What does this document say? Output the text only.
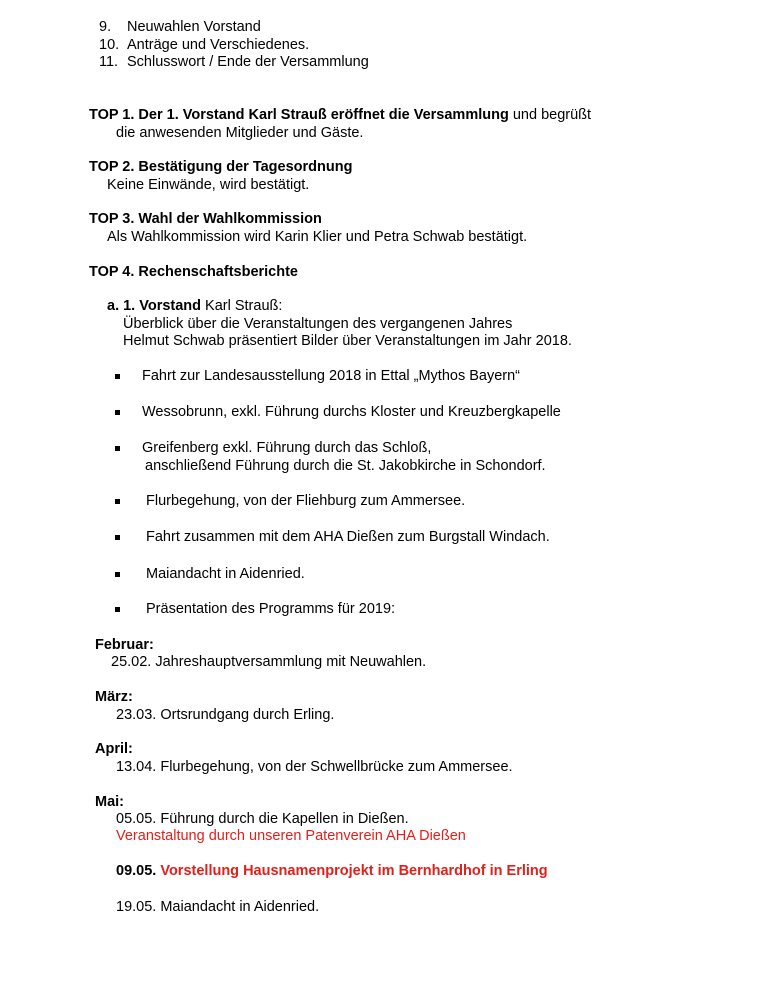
9. Neuwahlen Vorstand
10. Anträge und Verschiedenes.
11. Schlusswort / Ende der Versammlung
TOP 1. Der 1. Vorstand Karl Strauß eröffnet die Versammlung und begrüßt
die anwesenden Mitglieder und Gäste.
TOP 2. Bestätigung der Tagesordnung
Keine Einwände, wird bestätigt.
TOP 3. Wahl der Wahlkommission
Als Wahlkommission wird Karin Klier und Petra Schwab bestätigt.
TOP 4. Rechenschaftsberichte
a. 1. Vorstand Karl Strauß:
Überblick über die Veranstaltungen des vergangenen Jahres
Helmut Schwab präsentiert Bilder über Veranstaltungen im Jahr 2018.
Fahrt zur Landesausstellung 2018 in Ettal „Mythos Bayern“
Wessobrunn, exkl. Führung durchs Kloster und Kreuzbergkapelle
Greifenberg exkl. Führung durch das Schloß,
anschließend Führung durch die St. Jakobkirche in Schondorf.
Flurbegehung, von der Fliehburg zum Ammersee.
Fahrt zusammen mit dem AHA Dießen zum Burgstall Windach.
Maiandacht in Aidenried.
Präsentation des Programms für 2019:
Februar:
25.02. Jahreshauptversammlung mit Neuwahlen.
März:
23.03. Ortsrundgang durch Erling.
April:
13.04. Flurbegehung, von der Schwellbrücke zum Ammersee.
Mai:
05.05. Führung durch die Kapellen in Dießen.
Veranstaltung durch unseren Patenverein AHA Dießen
09.05. Vorstellung Hausnamenprojekt im Bernhardhof in Erling
19.05. Maiandacht in Aidenried.
